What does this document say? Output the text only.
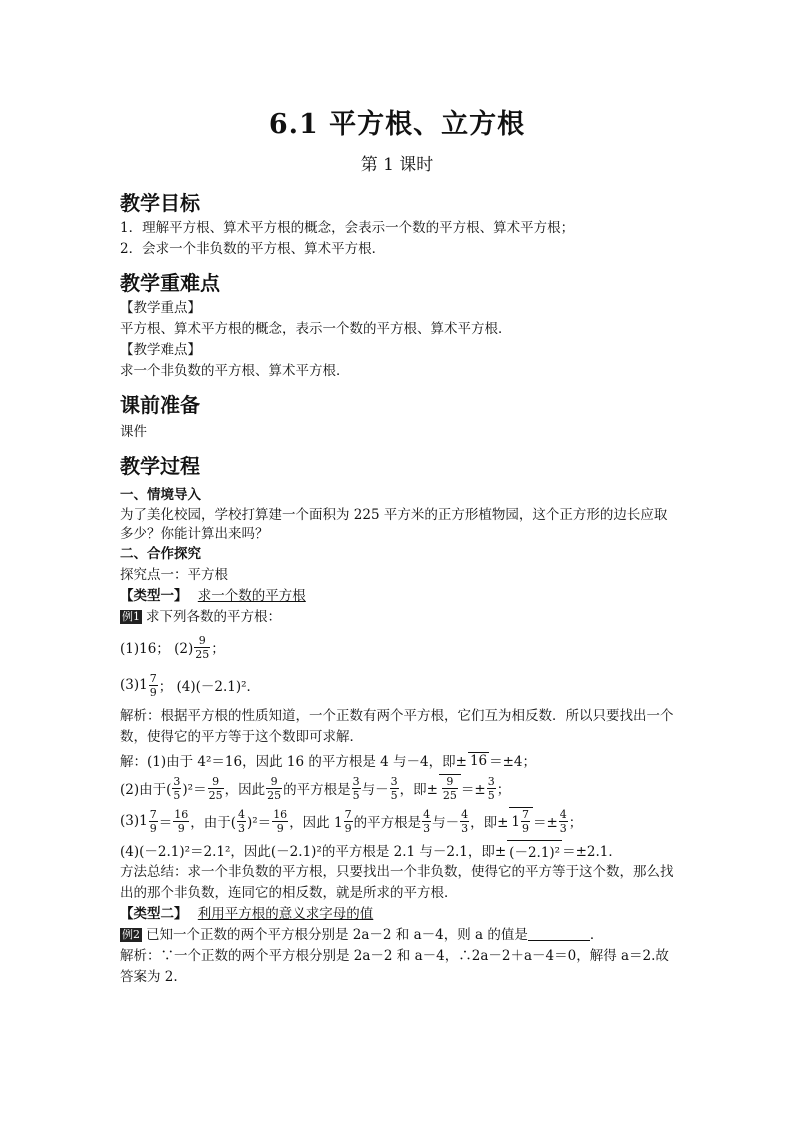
6.1 平方根、立方根
第 1 课时
教学目标
1．理解平方根、算术平方根的概念，会表示一个数的平方根、算术平方根；
2．会求一个非负数的平方根、算术平方根．
教学重难点
【教学重点】
平方根、算术平方根的概念，表示一个数的平方根、算术平方根．
【教学难点】
求一个非负数的平方根、算术平方根．
课前准备
课件
教学过程
一、情境导入
为了美化校园，学校打算建一个面积为 225 平方米的正方形植物园，这个正方形的边长应取多少？你能计算出来吗？
二、合作探究
探究点一：平方根
【类型一】 求一个数的平方根
例1 求下列各数的平方根：
(1)16； $(2) \frac{9}{25}$ ；
$(3)1 \frac{7}{9}$ ； (4)(－2.1)²．
解析：根据平方根的性质知道，一个正数有两个平方根，它们互为相反数．所以只要找出一个数，使得它的平方等于这个数即可求解．
解：(1)由于 4²＝16，因此 16 的平方根是 4 与－4，即± 16 ＝±4；
(2)由于( $\frac{3}{5} )^2= \frac{9}{25}$ ，因此 $\frac{9}{25}$ 的平方根是 $\frac{3}{5}$ 与－ $\frac{3}{5}$ ，即± $\frac{9}{25} =\pm \frac{3}{5}$ ；
$(3)1 \frac{7}{9} = \frac{16}{9}$ ，由于( $\frac{4}{3} )^2= \frac{16}{9}$ ，因此 $1 \frac{7}{9}$ 的平方根是 $\frac{4}{3}$ 与－ $\frac{4}{3}$ ，即± $1 \frac{7}{9} =\pm \frac{4}{3}$ ；
(4)(－2.1)²＝2.1²，因此(－2.1)²的平方根是 2.1 与－2.1，即± (－2.1)² ＝±2.1．
方法总结：求一个非负数的平方根，只要找出一个非负数，使得它的平方等于这个数，那么找出的那个非负数，连同它的相反数，就是所求的平方根．
【类型二】 利用平方根的意义求字母的值
例2 已知一个正数的两个平方根分别是 2a－2 和 a－4，则 a 的值是	．
解析：∵一个正数的两个平方根分别是 2a－2 和 a－4，∴2a－2＋a－4＝0，解得 a＝2.故答案为 2.
